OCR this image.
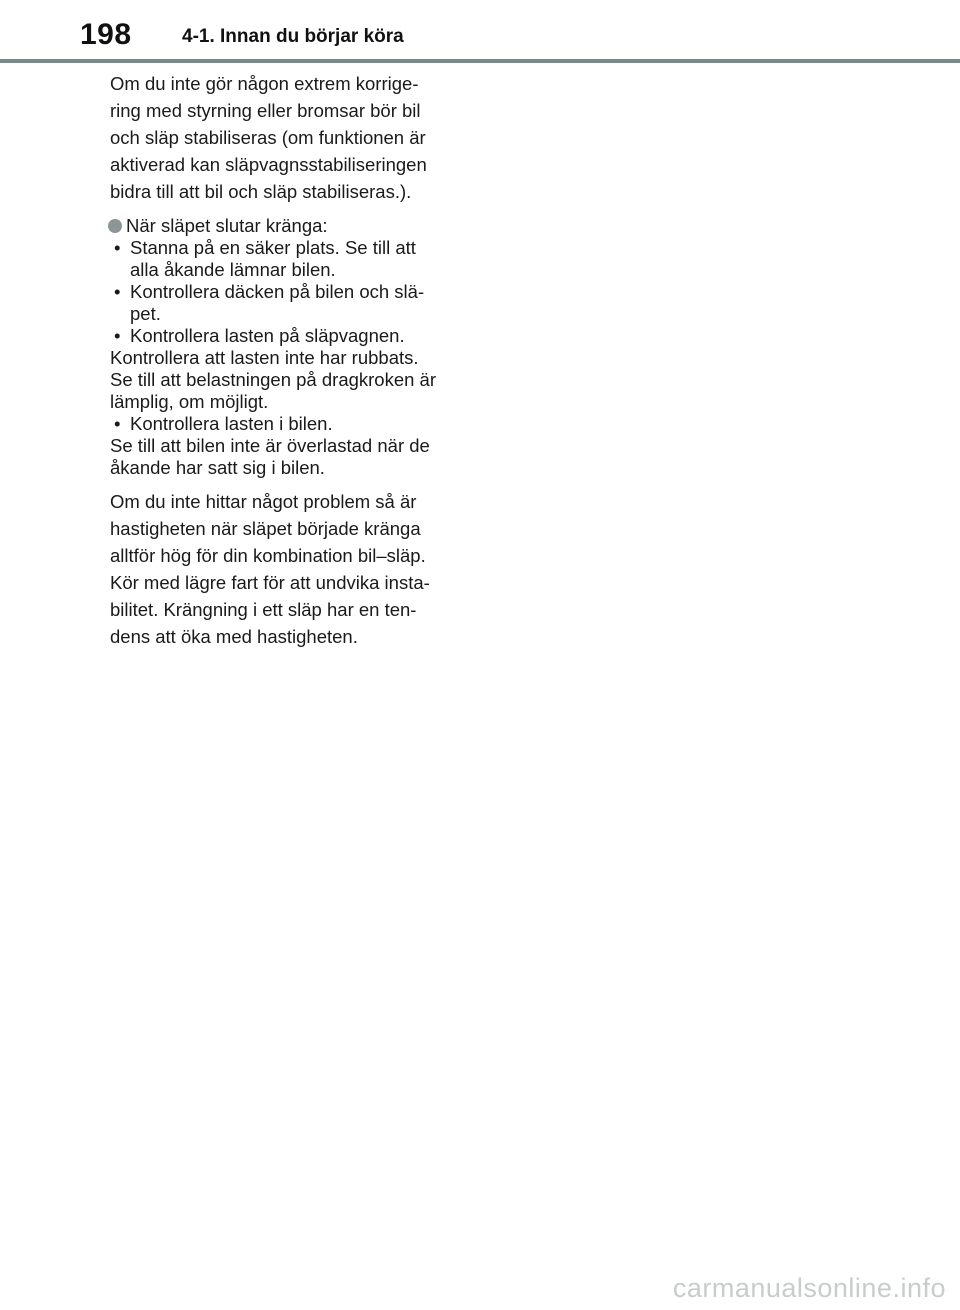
198	4-1. Innan du börjar köra

Om du inte gör någon extrem korrige-
ring med styrning eller bromsar bör bil
och släp stabiliseras (om funktionen är
aktiverad kan släpvagnsstabiliseringen
bidra till att bil och släp stabiliseras.).

När släpet slutar kränga:
• Stanna på en säker plats. Se till att
alla åkande lämnar bilen.
• Kontrollera däcken på bilen och slä-
pet.
• Kontrollera lasten på släpvagnen.
Kontrollera att lasten inte har rubbats.
Se till att belastningen på dragkroken är
lämplig, om möjligt.
• Kontrollera lasten i bilen.
Se till att bilen inte är överlastad när de
åkande har satt sig i bilen.

Om du inte hittar något problem så är
hastigheten när släpet började kränga
alltför hög för din kombination bil–släp.
Kör med lägre fart för att undvika insta-
bilitet. Krängning i ett släp har en ten-
dens att öka med hastigheten.

carmanualsonline.info
